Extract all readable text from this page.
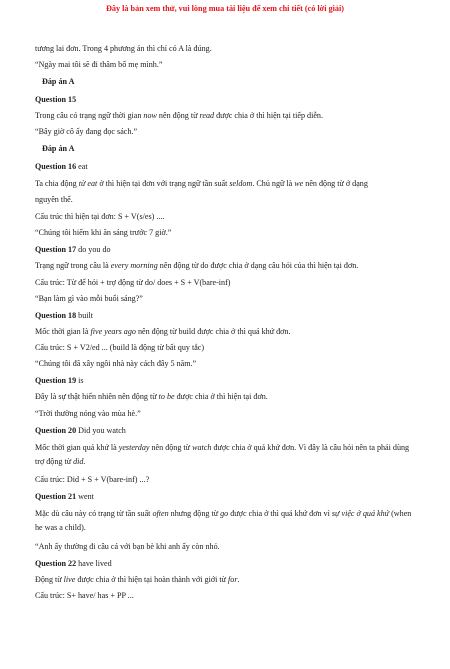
Đây là bản xem thử, vui lòng mua tài liệu để xem chi tiết (có lời giải)

tương lai đơn. Trong 4 phương án thì chỉ có A là đúng.

“Ngày mai tôi sẽ đi thăm bố mẹ mình.”

Đáp án A

Question 15

Trong câu có trạng ngữ thời gian now nên động từ read được chia ở thì hiện tại tiếp diễn.

“Bây giờ cô ấy đang đọc sách.”

Đáp án A

Question 16 eat

Ta chia động từ eat ở thì hiện tại đơn với trạng ngữ tần suất seldom. Chủ ngữ là we nên động từ ở dạng

nguyên thể.

Cấu trúc thì hiện tại đơn: S + V(s/es) ....

“Chúng tôi hiếm khi ăn sáng trước 7 giờ.”

Question 17 do you do

Trạng ngữ trong câu là every morning nên động từ do được chia ở dạng câu hỏi của thì hiện tại đơn.

Cấu trúc: Từ để hỏi + trợ động từ do/ does + S + V(bare-inf)

“Bạn làm gì vào mỗi buổi sáng?”

Question 18 built

Mốc thời gian là five years ago nên động từ build được chia ở thì quá khứ đơn.

Cấu trúc: S + V2/ed ... (build là động từ bất quy tắc)

“Chúng tôi đã xây ngôi nhà này cách đây 5 năm.”

Question 19 is

Đây là sự thật hiển nhiên nên động từ to be được chia ở thì hiện tại đơn.

“Trời thường nóng vào mùa hè.”

Question 20 Did you watch

Mốc thời gian quá khứ là yesterday nên động từ watch được chia ở quá khứ đơn. Vì đây là câu hỏi nên ta phải dùng trợ động từ did.

Cấu trúc: Did + S + V(bare-inf) ...?

Question 21 went

Mặc dù câu này có trạng từ tần suất often nhưng động từ go được chia ở thì quá khứ đơn vì sự việc ở quá khứ (when he was a child).

“Anh ấy thường đi câu cá với bạn bè khi anh ấy còn nhỏ.

Question 22 have lived

Động từ live được chia ở thì hiện tại hoàn thành với giới từ for.

Cấu trúc: S+ have/ has + PP ...
